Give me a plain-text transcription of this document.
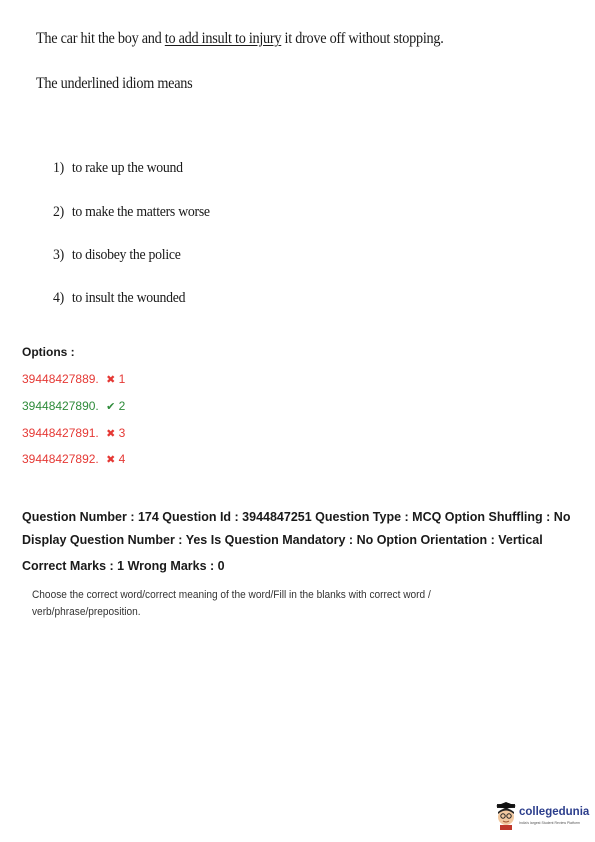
The car hit the boy and to add insult to injury it drove off without stopping.

The underlined idiom means

1) to rake up the wound
2) to make the matters worse
3) to disobey the police
4) to insult the wounded

Options :

39448427889. ✖ 1
39448427890. ✔ 2
39448427891. ✖ 3
39448427892. ✖ 4

Question Number : 174 Question Id : 3944847251 Question Type : MCQ Option Shuffling : No

Display Question Number : Yes Is Question Mandatory : No Option Orientation : Vertical

Correct Marks : 1 Wrong Marks : 0

Choose the correct word/correct meaning of the word/Fill in the blanks with correct word / verb/phrase/preposition.

collegedunia
India's largest Student Review Platform
